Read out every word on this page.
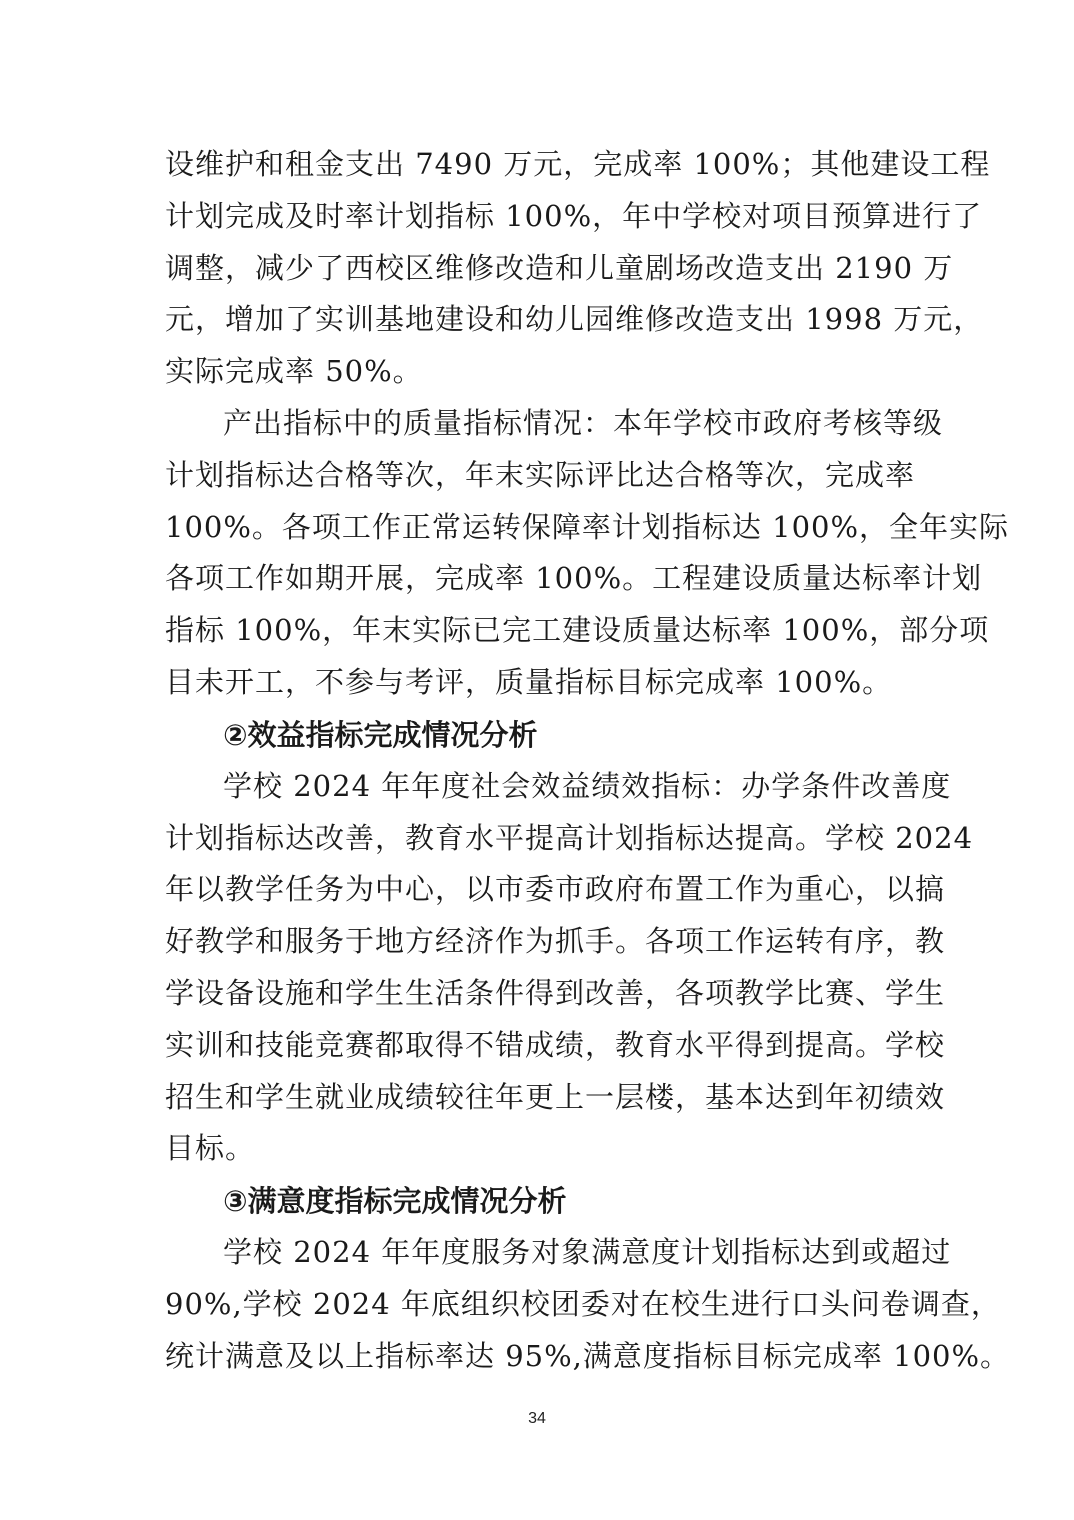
设维护和租金支出 7490 万元，完成率 100%；其他建设工程
计划完成及时率计划指标 100%，年中学校对项目预算进行了
调整，减少了西校区维修改造和儿童剧场改造支出 2190 万
元，增加了实训基地建设和幼儿园维修改造支出 1998 万元，
实际完成率 50%。
产出指标中的质量指标情况：本年学校市政府考核等级
计划指标达合格等次，年末实际评比达合格等次，完成率
100%。各项工作正常运转保障率计划指标达 100%，全年实际
各项工作如期开展，完成率 100%。工程建设质量达标率计划
指标 100%，年末实际已完工建设质量达标率 100%，部分项
目未开工，不参与考评，质量指标目标完成率 100%。
②效益指标完成情况分析
学校 2024 年年度社会效益绩效指标：办学条件改善度
计划指标达改善，教育水平提高计划指标达提高。学校 2024
年以教学任务为中心，以市委市政府布置工作为重心，以搞
好教学和服务于地方经济作为抓手。各项工作运转有序，教
学设备设施和学生生活条件得到改善，各项教学比赛、学生
实训和技能竞赛都取得不错成绩，教育水平得到提高。学校
招生和学生就业成绩较往年更上一层楼，基本达到年初绩效
目标。
③满意度指标完成情况分析
学校 2024 年年度服务对象满意度计划指标达到或超过
90%,学校 2024 年底组织校团委对在校生进行口头问卷调查，
统计满意及以上指标率达 95%,满意度指标目标完成率 100%。
34
